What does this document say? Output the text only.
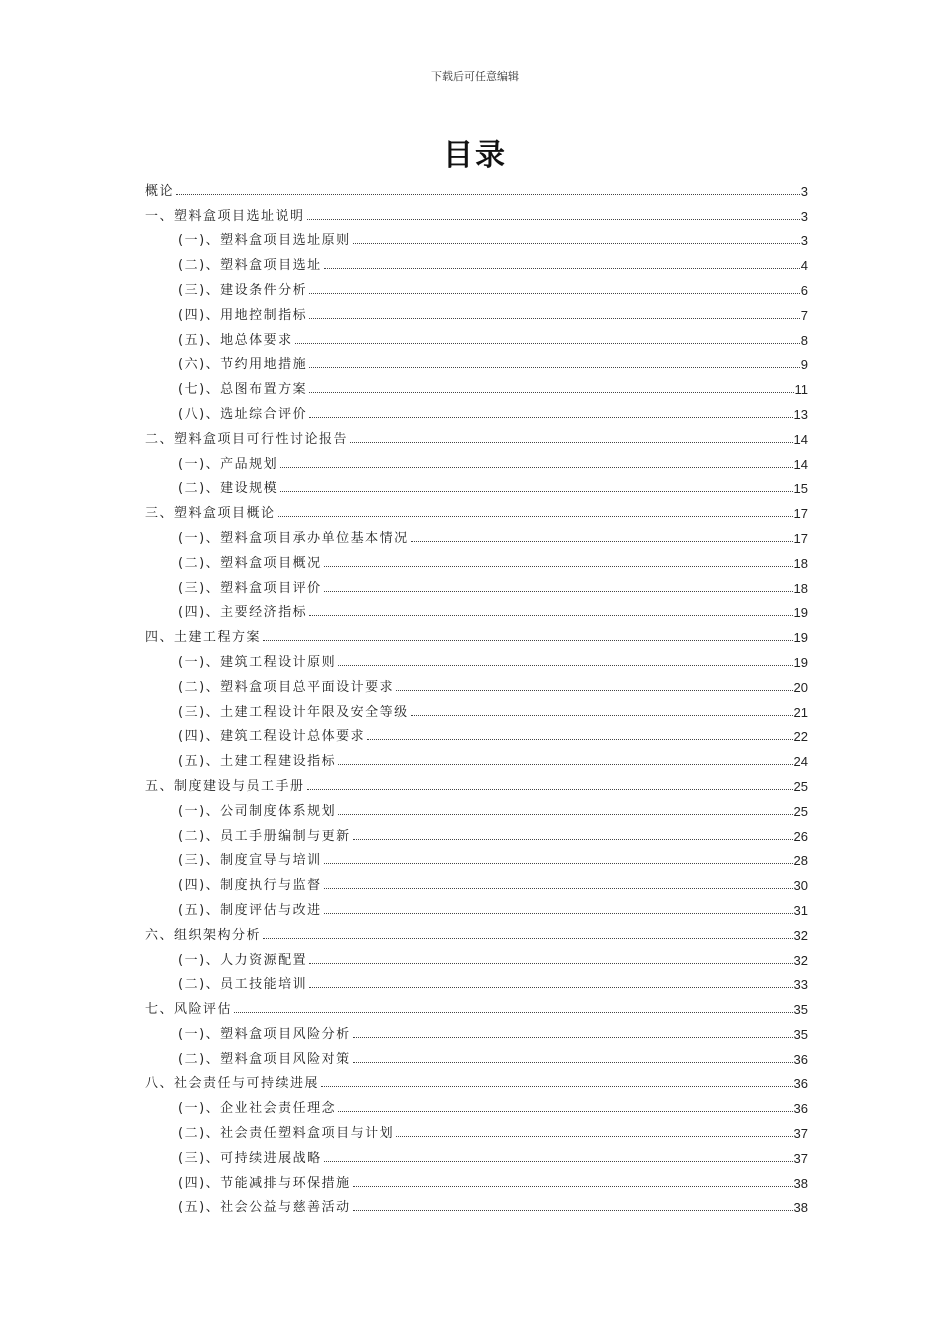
下载后可任意编辑
目录
概论	3
一、塑料盒项目选址说明	3
(一)、塑料盒项目选址原则	3
(二)、塑料盒项目选址	4
(三)、建设条件分析	6
(四)、用地控制指标	7
(五)、地总体要求	8
(六)、节约用地措施	9
(七)、总图布置方案	11
(八)、选址综合评价	13
二、塑料盒项目可行性讨论报告	14
(一)、产品规划	14
(二)、建设规模	15
三、塑料盒项目概论	17
(一)、塑料盒项目承办单位基本情况	17
(二)、塑料盒项目概况	18
(三)、塑料盒项目评价	18
(四)、主要经济指标	19
四、土建工程方案	19
(一)、建筑工程设计原则	19
(二)、塑料盒项目总平面设计要求	20
(三)、土建工程设计年限及安全等级	21
(四)、建筑工程设计总体要求	22
(五)、土建工程建设指标	24
五、制度建设与员工手册	25
(一)、公司制度体系规划	25
(二)、员工手册编制与更新	26
(三)、制度宣导与培训	28
(四)、制度执行与监督	30
(五)、制度评估与改进	31
六、组织架构分析	32
(一)、人力资源配置	32
(二)、员工技能培训	33
七、风险评估	35
(一)、塑料盒项目风险分析	35
(二)、塑料盒项目风险对策	36
八、社会责任与可持续进展	36
(一)、企业社会责任理念	36
(二)、社会责任塑料盒项目与计划	37
(三)、可持续进展战略	37
(四)、节能减排与环保措施	38
(五)、社会公益与慈善活动	38
